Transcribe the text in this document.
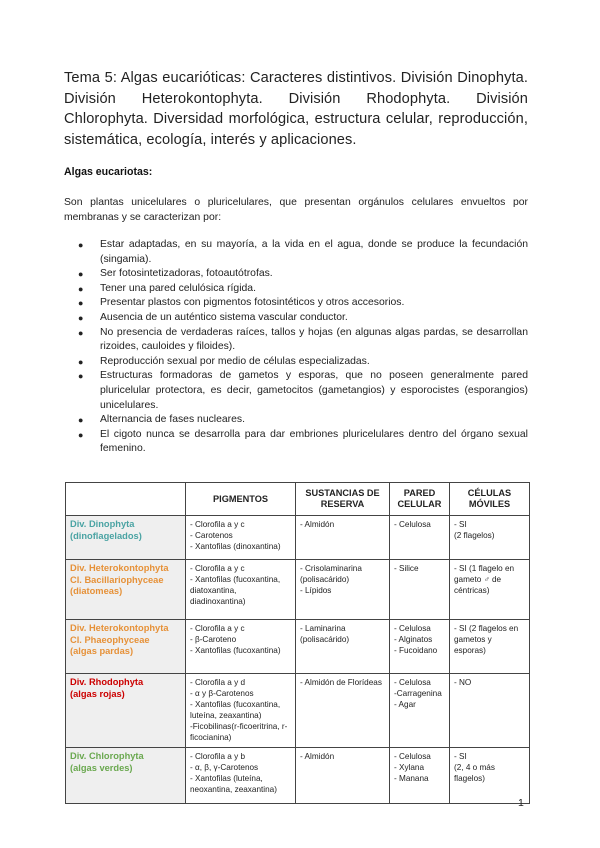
Tema 5: Algas eucarióticas: Caracteres distintivos. División Dinophyta. División Heterokontophyta. División Rhodophyta. División Chlorophyta. Diversidad morfológica, estructura celular, reproducción, sistemática, ecología, interés y aplicaciones.
Algas eucariotas:
Son plantas unicelulares o pluricelulares, que presentan orgánulos celulares envueltos por membranas y se caracterizan por:
● Estar adaptadas, en su mayoría, a la vida en el agua, donde se produce la fecundación (singamia).
● Ser fotosintetizadoras, fotoautótrofas.
● Tener una pared celulósica rígida.
● Presentar plastos con pigmentos fotosintéticos y otros accesorios.
● Ausencia de un auténtico sistema vascular conductor.
● No presencia de verdaderas raíces, tallos y hojas (en algunas algas pardas, se desarrollan rizoides, cauloides y filoides).
● Reproducción sexual por medio de células especializadas.
● Estructuras formadoras de gametos y esporas, que no poseen generalmente pared pluricelular protectora, es decir, gametocitos (gametangios) y esporocistes (esporangios) unicelulares.
● Alternancia de fases nucleares.
● El cigoto nunca se desarrolla para dar embriones pluricelulares dentro del órgano sexual femenino.
	PIGMENTOS	SUSTANCIAS DE RESERVA	PARED CELULAR	CÉLULAS MÓVILES

Div. Dinophyta
(dinoflagelados)	- Clorofila a y c
- Carotenos
- Xantofilas (dinoxantina)	- Almidón	- Celulosa	- SI
(2 flagelos)

Div. Heterokontophyta
Cl. Bacillariophyceae
(diatomeas)	- Clorofila a y c
- Xantofilas (fucoxantina, diatoxantina, diadinoxantina)	- Crisolaminarina (polisacárido)
- Lípidos	- Silice	- SI (1 flagelo en gameto ♂ de céntricas)

Div. Heterokontophyta
Cl. Phaeophyceae
(algas pardas)	- Clorofila a y c
- β-Caroteno
- Xantofilas (fucoxantina)	- Laminarina (polisacárido)	- Celulosa
- Alginatos
- Fucoidano	- SI (2 flagelos en gametos y esporas)

Div. Rhodophyta
(algas rojas)	- Clorofila a y d
- α y β-Carotenos
- Xantofilas (fucoxantina, luteína, zeaxantina)
-Ficobilinas(r-ficoeritrina, r-ficocianina)	- Almidón de Florídeas	- Celulosa
-Carragenina
- Agar	- NO

Div. Chlorophyta
(algas verdes)	- Clorofila a y b
- α, β, γ-Carotenos
- Xantofilas (luteína, neoxantina, zeaxantina)	- Almidón	- Celulosa
- Xylana
- Manana	- SI
(2, 4 o más flagelos)
1
